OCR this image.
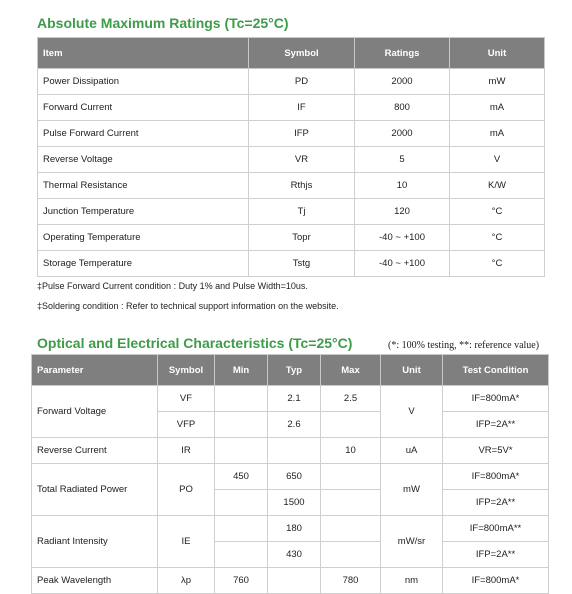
Absolute Maximum Ratings (Tc=25°C)
Item	Symbol	Ratings	Unit
Power Dissipation	PD	2000	mW
Forward Current	IF	800	mA
Pulse Forward Current	IFP	2000	mA
Reverse Voltage	VR	5	V
Thermal Resistance	Rthjs	10	K/W
Junction Temperature	Tj	120	°C
Operating Temperature	Topr	-40 ~ +100	°C
Storage Temperature	Tstg	-40 ~ +100	°C
‡Pulse Forward Current condition : Duty 1% and Pulse Width=10us.
‡Soldering condition : Refer to technical support information on the website.
Optical and Electrical Characteristics (Tc=25°C)	(*: 100% testing, **: reference value)
Parameter	Symbol	Min	Typ	Max	Unit	Test Condition
Forward Voltage	VF		2.1	2.5	V	IF=800mA*
	VFP		2.6			IFP=2A**
Reverse Current	IR			10	uA	VR=5V*
Total Radiated Power	PO	450	650		mW	IF=800mA*
			1500			IFP=2A**
Radiant Intensity	IE		180		mW/sr	IF=800mA**
			430			IFP=2A**
Peak Wavelength	λp	760		780	nm	IF=800mA*
